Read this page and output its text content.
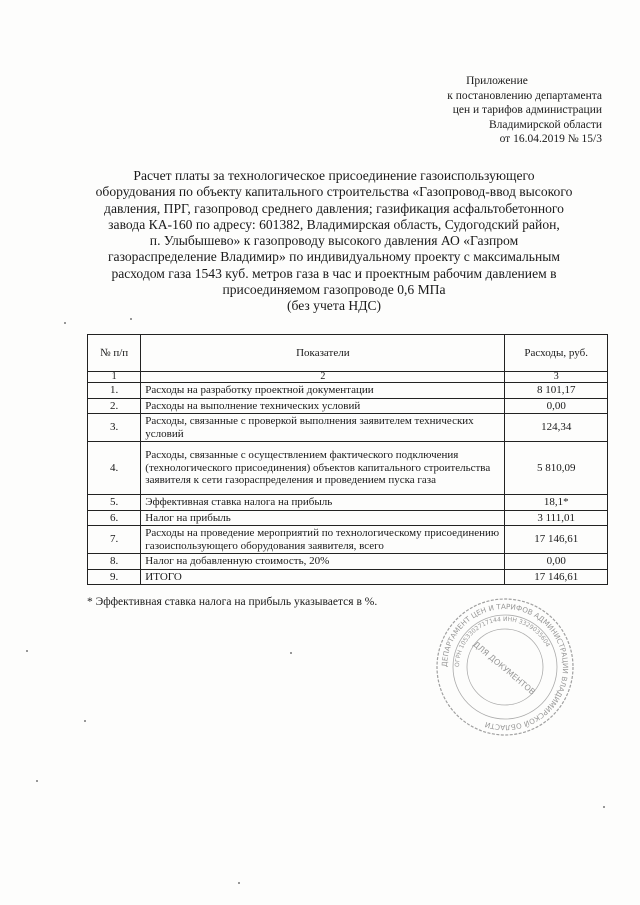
Приложение
к постановлению департамента
цен и тарифов администрации
Владимирской области
от 16.04.2019 № 15/3
Расчет платы за технологическое присоединение газоиспользующего
оборудования по объекту капитального строительства «Газопровод-ввод высокого
давления, ПРГ, газопровод среднего давления; газификация асфальтобетонного
завода КА-160 по адресу: 601382, Владимирская область, Судогодский район,
п. Улыбышево» к газопроводу высокого давления АО «Газпром
газораспределение Владимир» по индивидуальному проекту с максимальным
расходом газа 1543 куб. метров газа в час и проектным рабочим давлением в
присоединяемом газопроводе 0,6 МПа
(без учета НДС)
№ п/п	Показатели	Расходы, руб.
1	2	3
1.	Расходы на разработку проектной документации	8 101,17
2.	Расходы на выполнение технических условий	0,00
3.	Расходы, связанные с проверкой выполнения заявителем технических условий	124,34
4.	Расходы, связанные с осуществлением фактического подключения (технологического присоединения) объектов капитального строительства заявителя к сети газораспределения и проведением пуска газа	5 810,09
5.	Эффективная ставка налога на прибыль	18,1*
6.	Налог на прибыль	3 111,01
7.	Расходы на проведение мероприятий по технологическому присоединению газоиспользующего оборудования заявителя, всего	17 146,61
8.	Налог на добавленную стоимость, 20%	0,00
9.	ИТОГО	17 146,61
* Эффективная ставка налога на прибыль указывается в %.
ДЕПАРТАМЕНТ ЦЕН И ТАРИФОВ АДМИНИСТРАЦИИ ВЛАДИМИРСКОЙ ОБЛАСТИ
ОГРН 1053302717144 ИНН 3329035604
ДЛЯ ДОКУМЕНТОВ
